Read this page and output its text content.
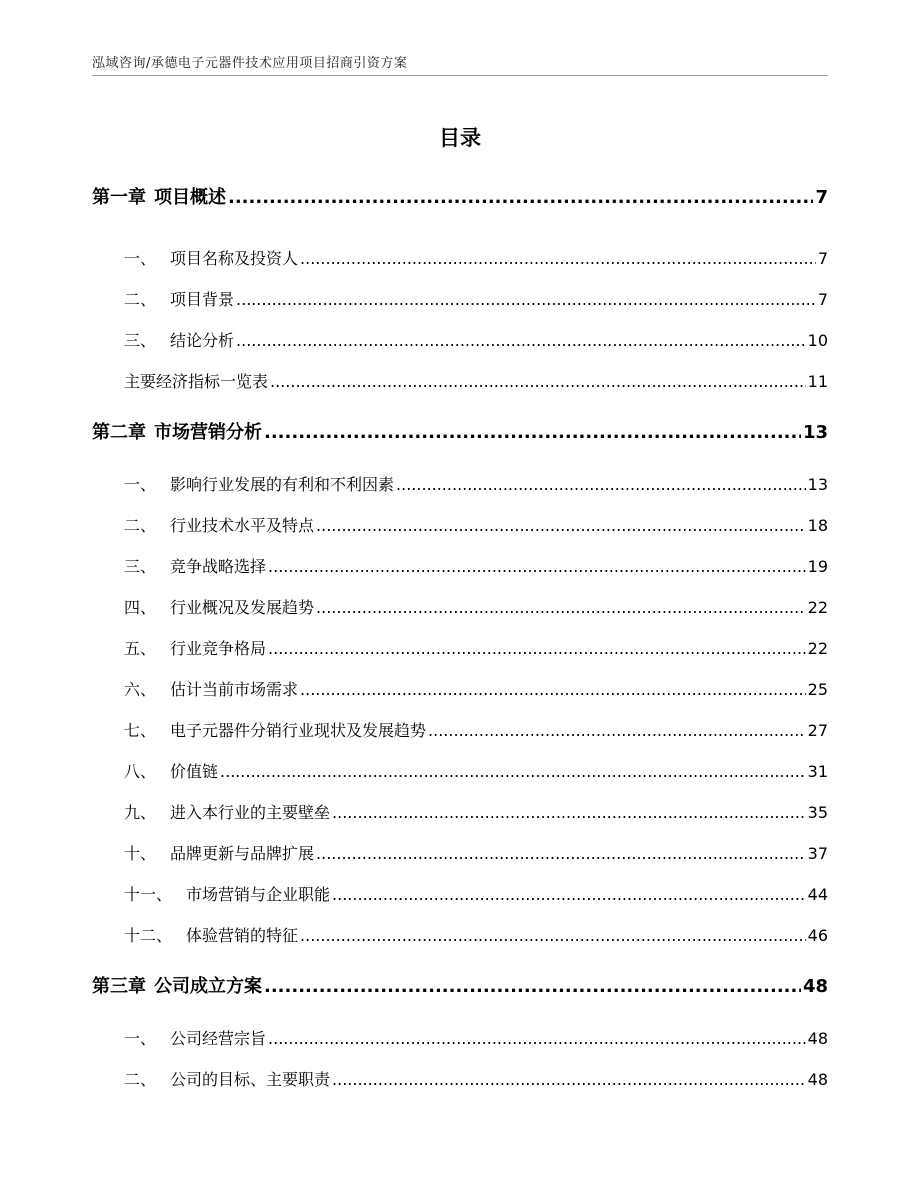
泓域咨询/承德电子元器件技术应用项目招商引资方案
目录
第一章 项目概述 .....	7
一、 项目名称及投资人 .....	7
二、 项目背景 .....	7
三、 结论分析 .....	10
主要经济指标一览表 .....	11
第二章 市场营销分析 .....	13
一、 影响行业发展的有利和不利因素 .....	13
二、 行业技术水平及特点 .....	18
三、 竞争战略选择 .....	19
四、 行业概况及发展趋势 .....	22
五、 行业竞争格局 .....	22
六、 估计当前市场需求 .....	25
七、 电子元器件分销行业现状及发展趋势 .....	27
八、 价值链 .....	31
九、 进入本行业的主要壁垒 .....	35
十、 品牌更新与品牌扩展 .....	37
十一、 市场营销与企业职能 .....	44
十二、 体验营销的特征 .....	46
第三章 公司成立方案 .....	48
一、 公司经营宗旨 .....	48
二、 公司的目标、主要职责 .....	48
